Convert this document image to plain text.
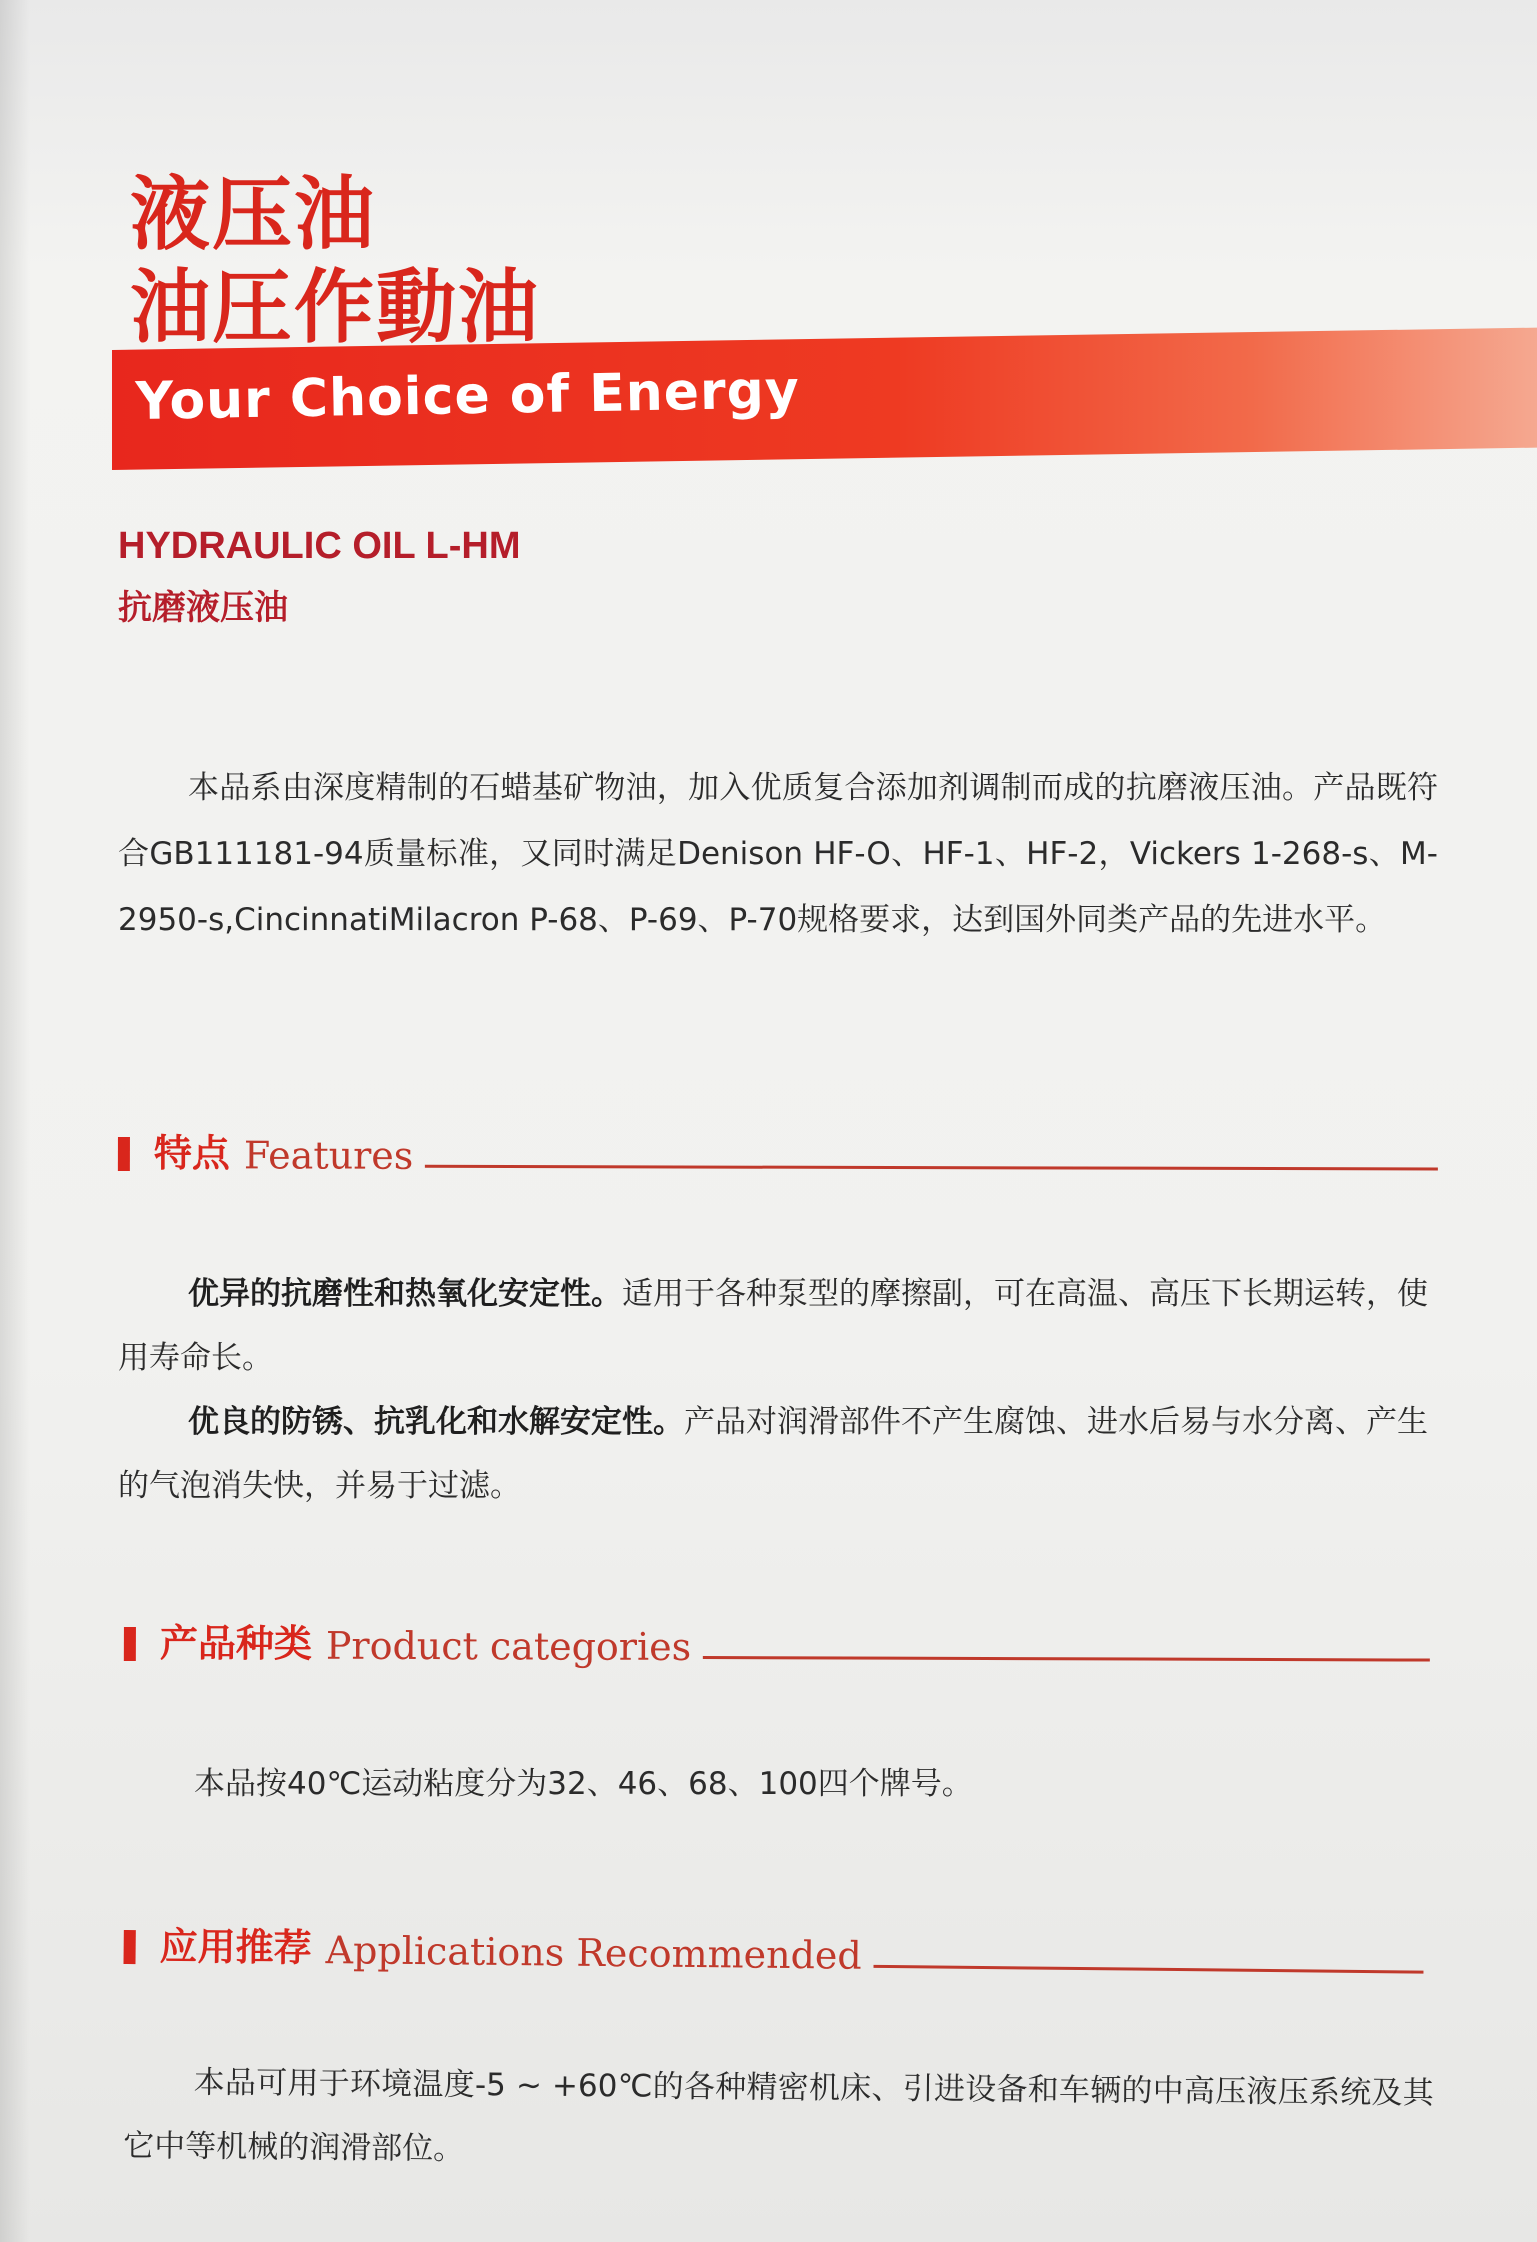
液压油
油圧作動油
Your Choice of Energy
HYDRAULIC OIL L-HM
抗磨液压油

本品系由深度精制的石蜡基矿物油，加入优质复合添加剂调制而成的抗磨液压油。产品既符合GB111181-94质量标准，又同时满足Denison HF-O、HF-1、HF-2，Vickers 1-268-s、M-2950-s,CincinnatiMilacron P-68、P-69、P-70规格要求，达到国外同类产品的先进水平。

特点 Features

优异的抗磨性和热氧化安定性。适用于各种泵型的摩擦副，可在高温、高压下长期运转，使用寿命长。

优良的防锈、抗乳化和水解安定性。产品对润滑部件不产生腐蚀、进水后易与水分离、产生的气泡消失快，并易于过滤。

产品种类 Product categories

本品按40℃运动粘度分为32、46、68、100四个牌号。

应用推荐 Applications Recommended

本品可用于环境温度-5 ~ +60℃的各种精密机床、引进设备和车辆的中高压液压系统及其它中等机械的润滑部位。
